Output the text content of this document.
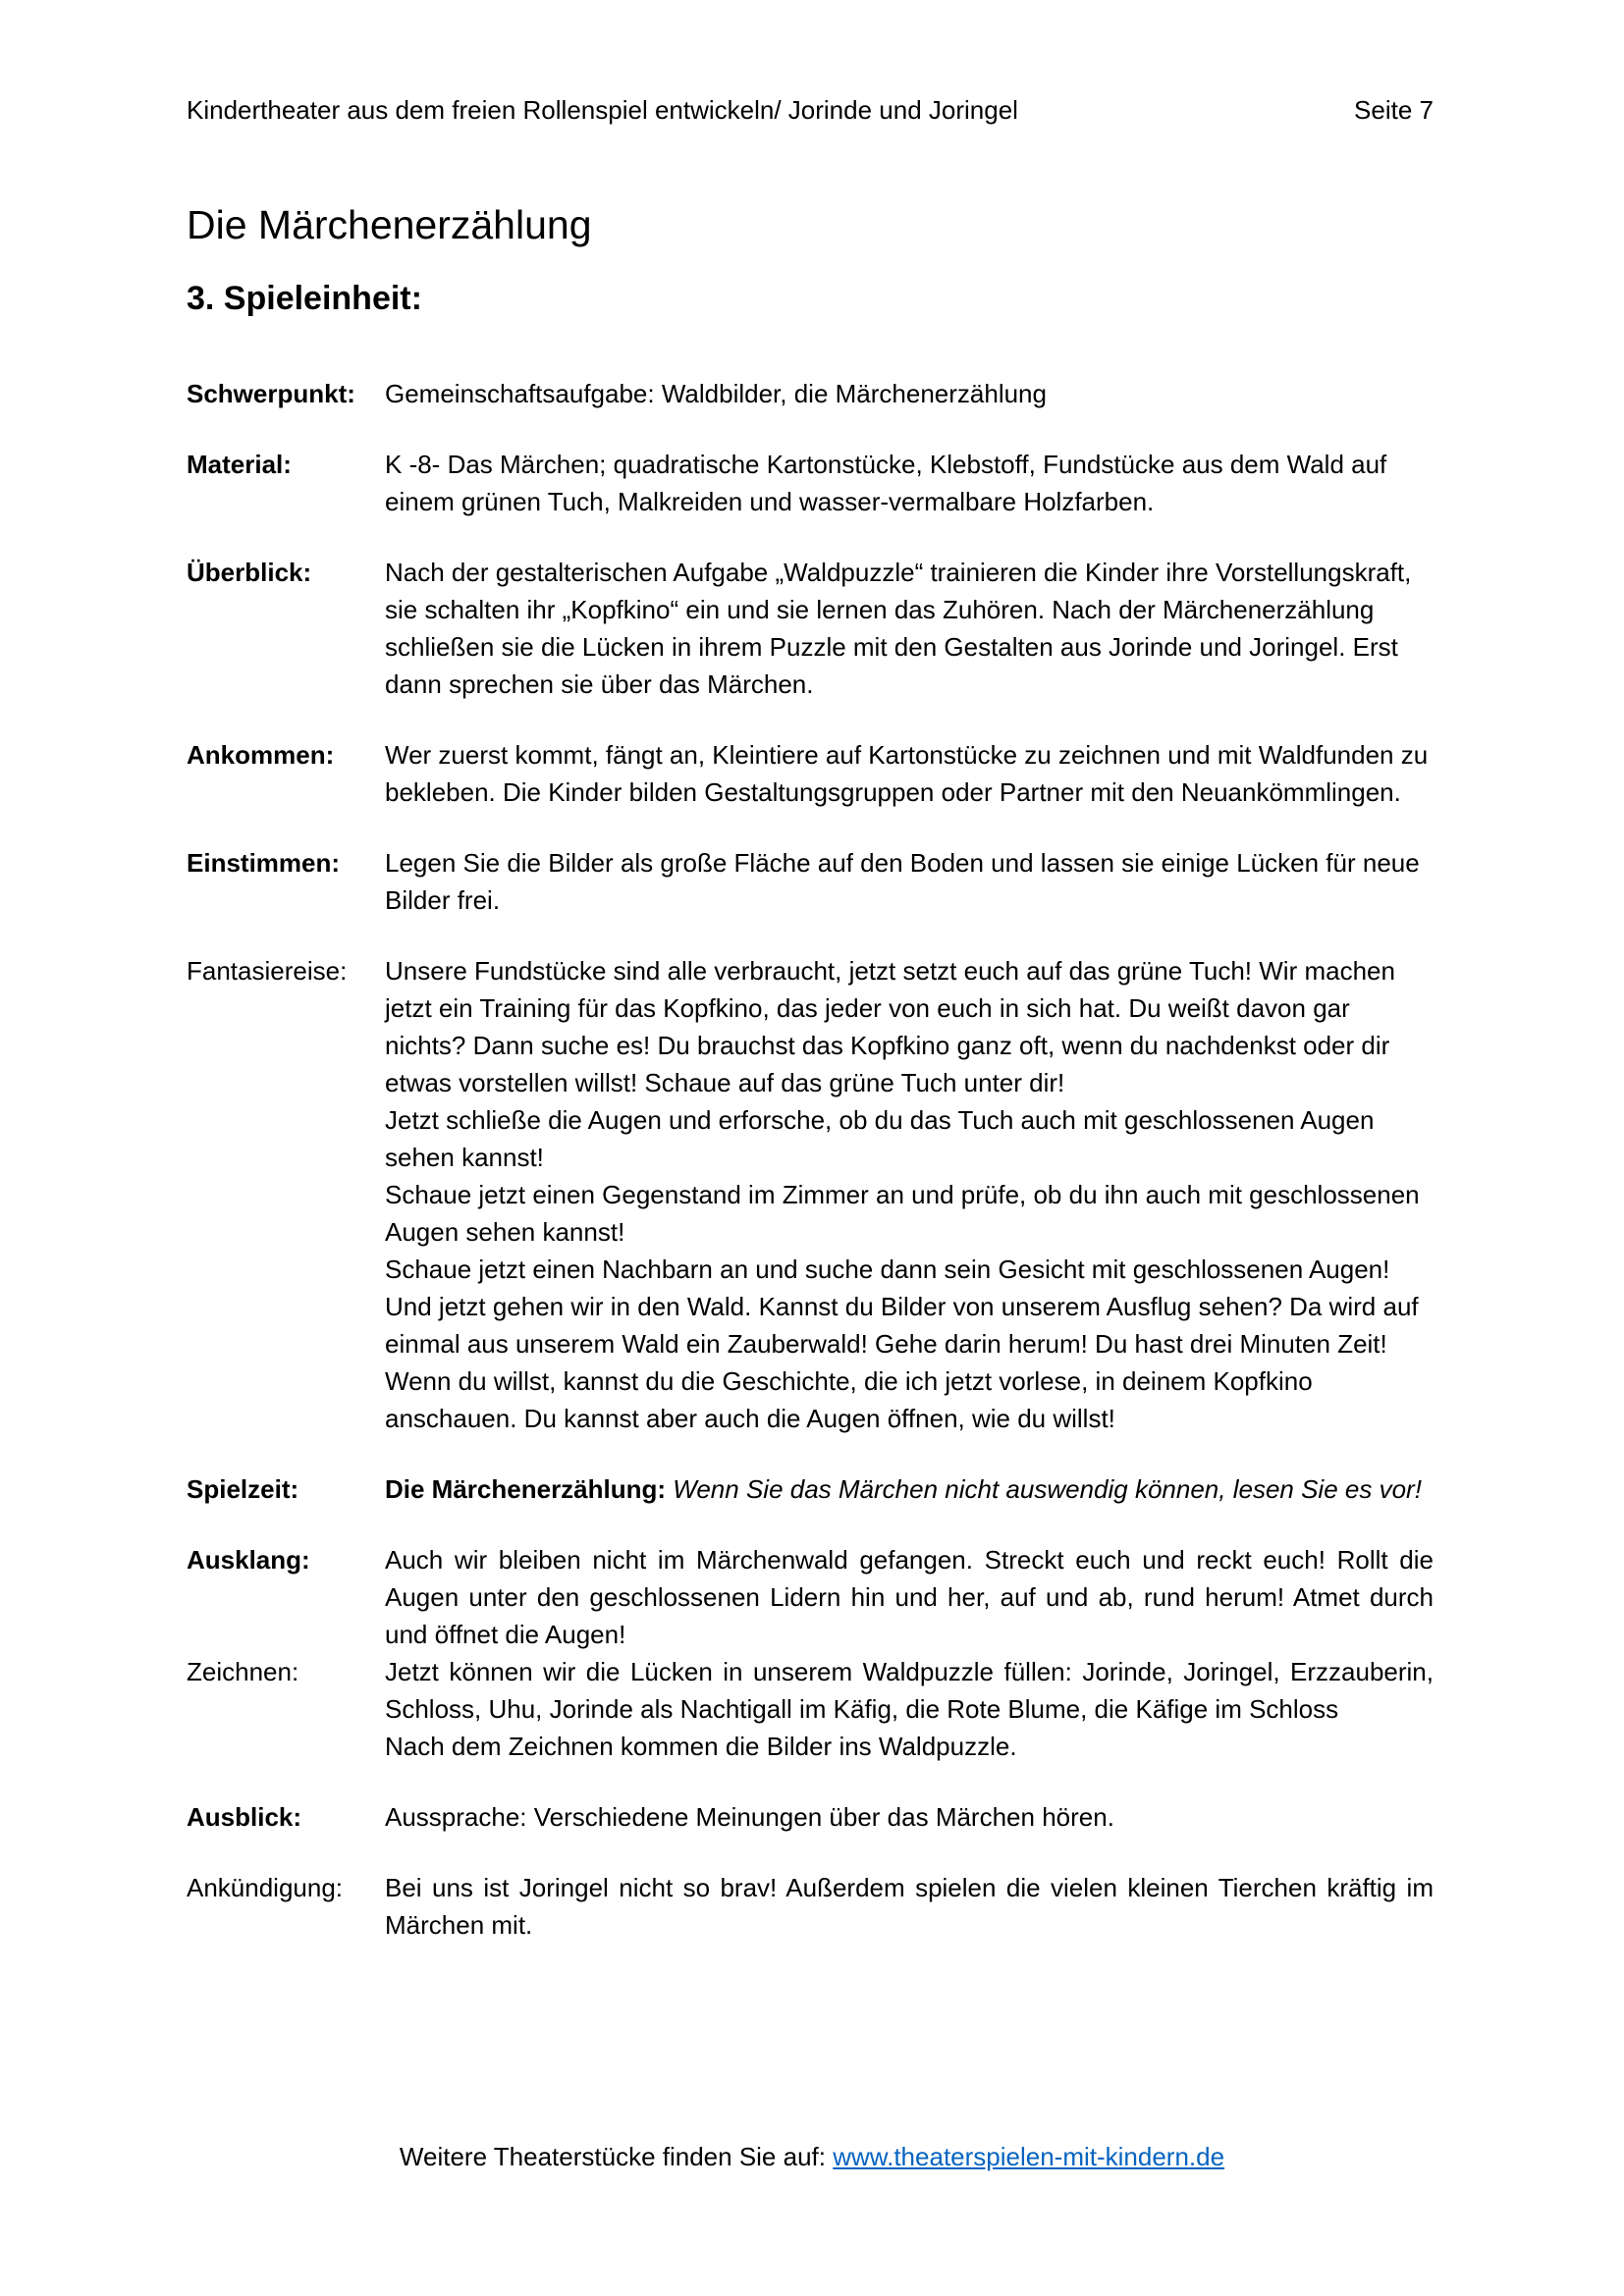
Kindertheater aus dem freien Rollenspiel entwickeln/ Jorinde und Joringel	Seite 7
Die Märchenerzählung
3. Spieleinheit:
Schwerpunkt:	Gemeinschaftsaufgabe: Waldbilder, die Märchenerzählung

Material:	K -8- Das Märchen; quadratische Kartonstücke, Klebstoff, Fundstücke aus dem Wald auf einem grünen Tuch, Malkreiden und wasser-vermalbare Holzfarben.

Überblick:	Nach der gestalterischen Aufgabe „Waldpuzzle“ trainieren die Kinder ihre Vorstellungskraft, sie schalten ihr „Kopfkino“ ein und sie lernen das Zuhören. Nach der Märchenerzählung schließen sie die Lücken in ihrem Puzzle mit den Gestalten aus Jorinde und Joringel. Erst dann sprechen sie über das Märchen.

Ankommen:	Wer zuerst kommt, fängt an, Kleintiere auf Kartonstücke zu zeichnen und mit Waldfunden zu bekleben. Die Kinder bilden Gestaltungsgruppen oder Partner mit den Neuankömmlingen.

Einstimmen:	Legen Sie die Bilder als große Fläche auf den Boden und lassen sie einige Lücken für neue Bilder frei.

Fantasiereise:	Unsere Fundstücke sind alle verbraucht, jetzt setzt euch auf das grüne Tuch! Wir machen jetzt ein Training für das Kopfkino, das jeder von euch in sich hat. Du weißt davon gar nichts? Dann suche es! Du brauchst das Kopfkino ganz oft, wenn du nachdenkst oder dir etwas vorstellen willst! Schaue auf das grüne Tuch unter dir!

Jetzt schließe die Augen und erforsche, ob du das Tuch auch mit geschlossenen Augen sehen kannst!

Schaue jetzt einen Gegenstand im Zimmer an und prüfe, ob du ihn auch mit geschlossenen Augen sehen kannst!

Schaue jetzt einen Nachbarn an und suche dann sein Gesicht mit geschlossenen Augen!

Und jetzt gehen wir in den Wald. Kannst du Bilder von unserem Ausflug sehen? Da wird auf einmal aus unserem Wald ein Zauberwald! Gehe darin herum! Du hast drei Minuten Zeit!

Wenn du willst, kannst du die Geschichte, die ich jetzt vorlese, in deinem Kopfkino anschauen. Du kannst aber auch die Augen öffnen, wie du willst!

Spielzeit:	Die Märchenerzählung: Wenn Sie das Märchen nicht auswendig können, lesen Sie es vor!

Ausklang:	Auch wir bleiben nicht im Märchenwald gefangen. Streckt euch und reckt euch! Rollt die Augen unter den geschlossenen Lidern hin und her, auf und ab, rund herum! Atmet durch und öffnet die Augen!

Zeichnen:	Jetzt können wir die Lücken in unserem Waldpuzzle füllen: Jorinde, Joringel, Erzzauberin, Schloss, Uhu, Jorinde als Nachtigall im Käfig, die Rote Blume, die Käfige im Schloss

Nach dem Zeichnen kommen die Bilder ins Waldpuzzle.

Ausblick:	Aussprache: Verschiedene Meinungen über das Märchen hören.

Ankündigung:	Bei uns ist Joringel nicht so brav! Außerdem spielen die vielen kleinen Tierchen kräftig im Märchen mit.

Weitere Theaterstücke finden Sie auf: www.theaterspielen-mit-kindern.de
